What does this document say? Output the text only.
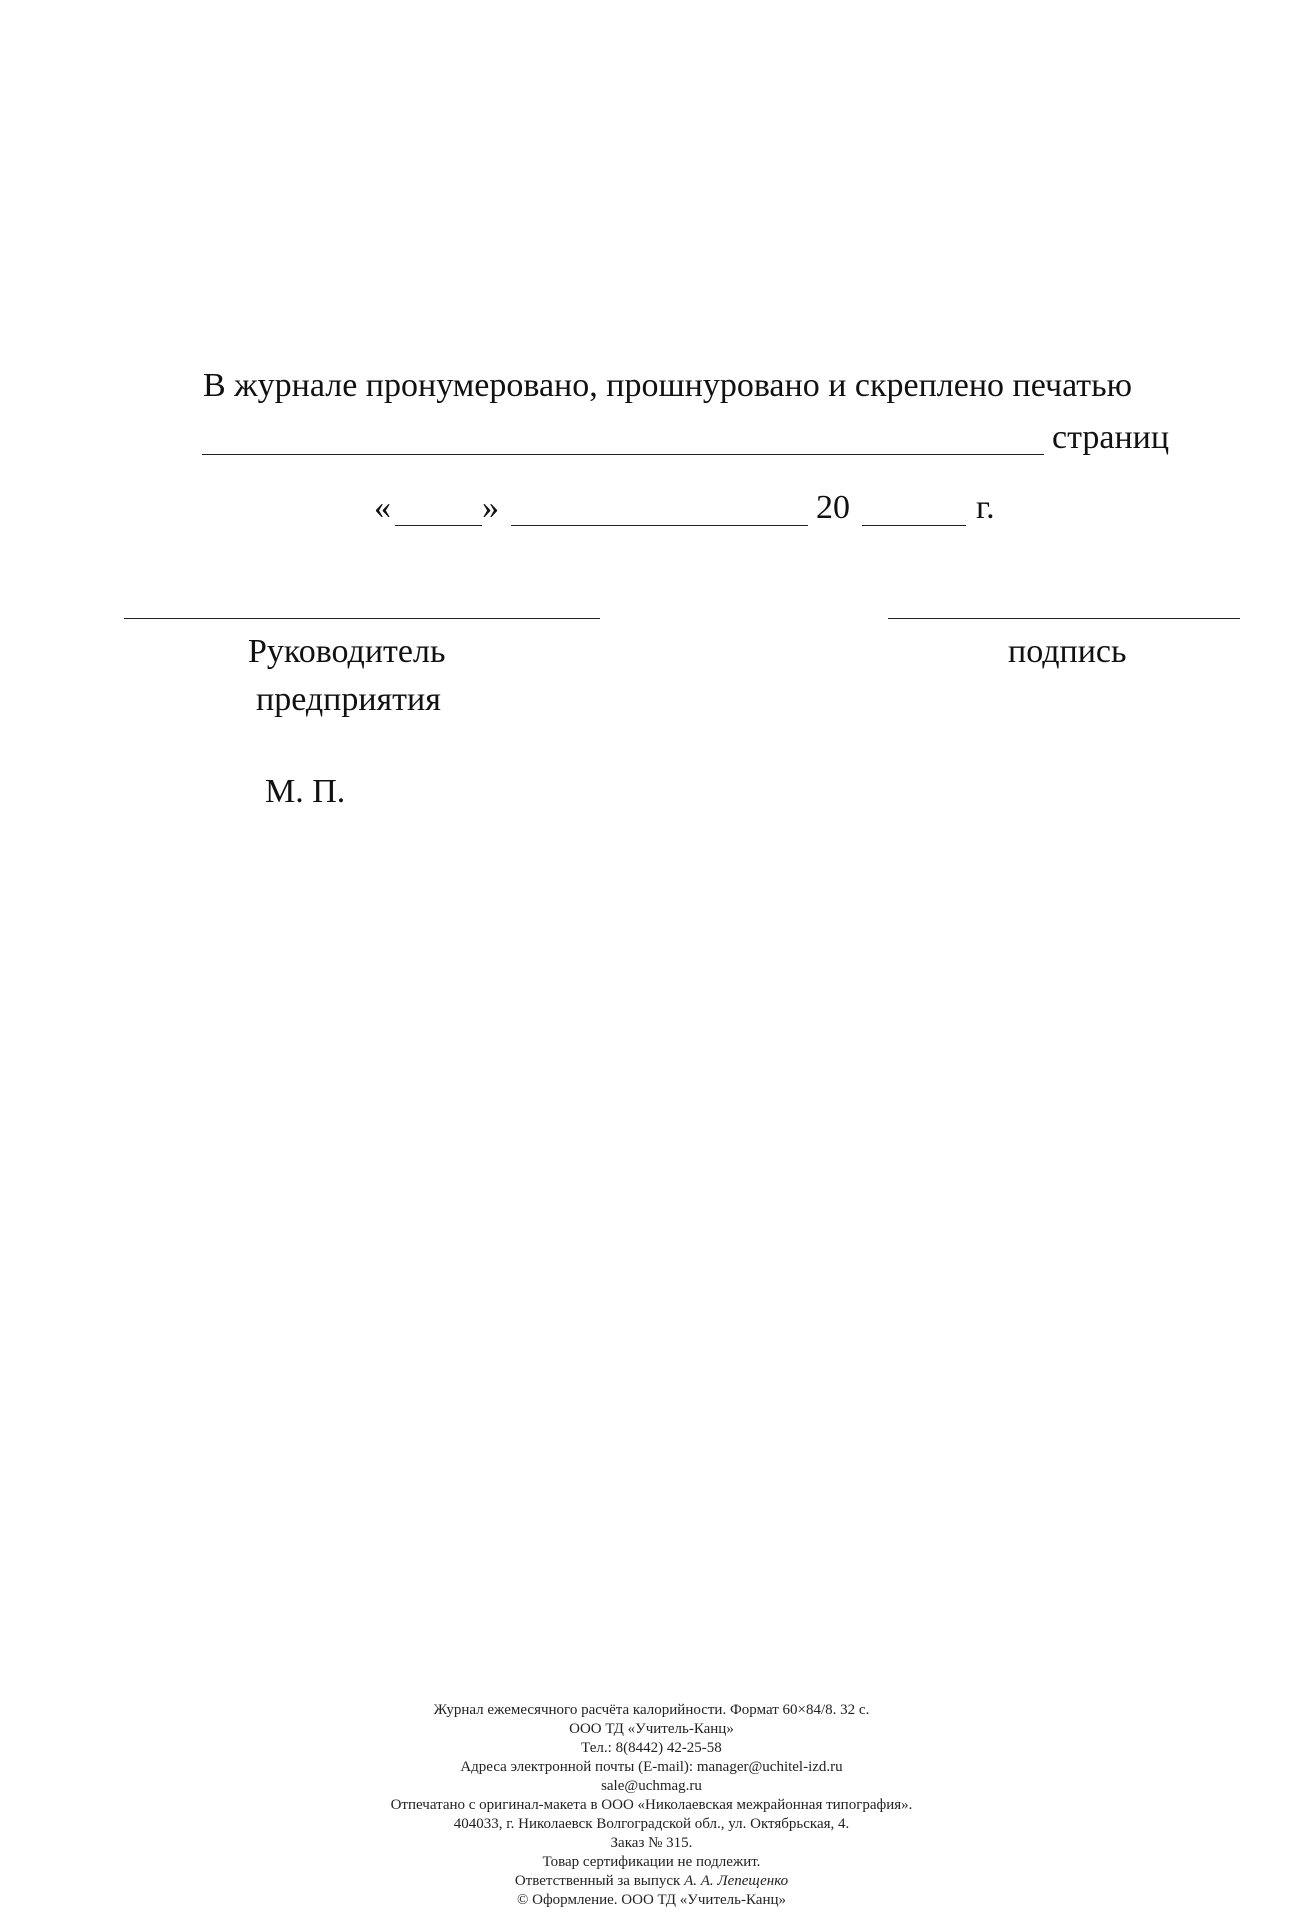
В журнале пронумеровано, прошнуровано и скреплено печатью
страниц
«	»	20	г.
Руководитель
предприятия
подпись
М. П.
Журнал ежемесячного расчёта калорийности. Формат 60×84/8. 32 с.
ООО ТД «Учитель-Канц»
Тел.: 8(8442) 42-25-58
Адреса электронной почты (E-mail): manager@uchitel-izd.ru
sale@uchmag.ru
Отпечатано с оригинал-макета в ООО «Николаевская межрайонная типография».
404033, г. Николаевск Волгоградской обл., ул. Октябрьская, 4.
Заказ № 315.
Товар сертификации не подлежит.
Ответственный за выпуск А. А. Лепещенко
© Оформление. ООО ТД «Учитель-Канц»
